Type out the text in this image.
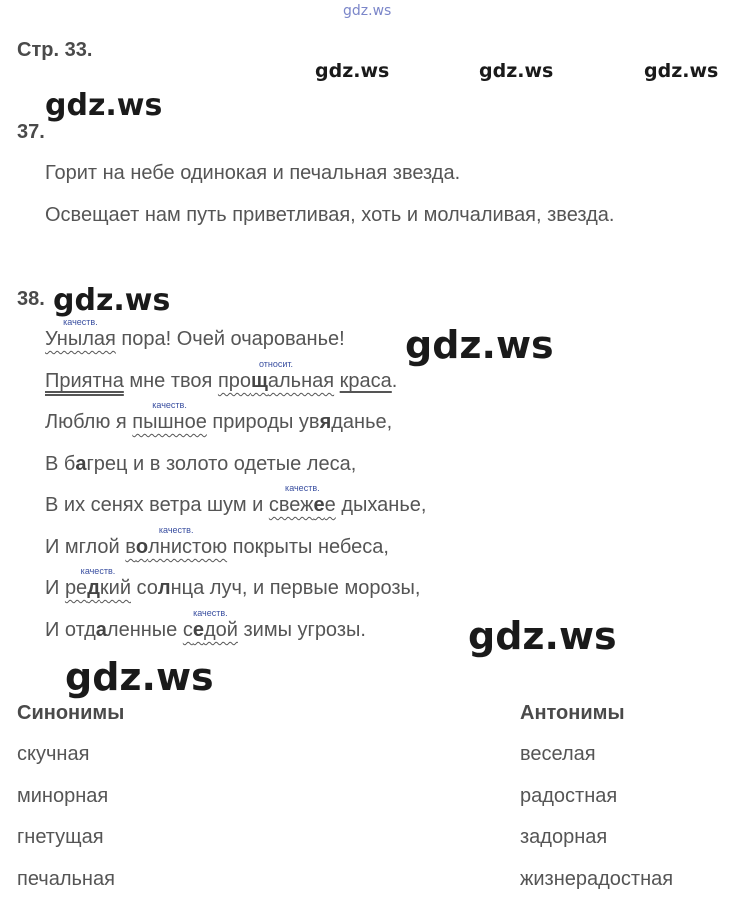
gdz.ws
gdz.ws	gdz.ws	gdz.ws
gdz.ws
gdz.ws
gdz.ws
gdz.ws
gdz.ws
Стр. 33.
37.
Горит на небе одинокая и печальная звезда.
Освещает нам путь приветливая, хоть и молчаливая, звезда.
38.
качеств.
Унылая пора! Очей очарованье!
Приятна мне твоя
относит.
прощальная краса.
Люблю я
качеств.
пышное природы увяданье,
В багрец и в золото одетые леса,
В их сенях ветра шум и
качеств.
свежее дыханье,
И мглой
качеств.
волнистою покрыты небеса,
И
качеств.
редкий солнца луч, и первые морозы,
И отдаленные
качеств.
седой зимы угрозы.
Синонимы
скучная
минорная
гнетущая
печальная
Антонимы
веселая
радостная
задорная
жизнерадостная
